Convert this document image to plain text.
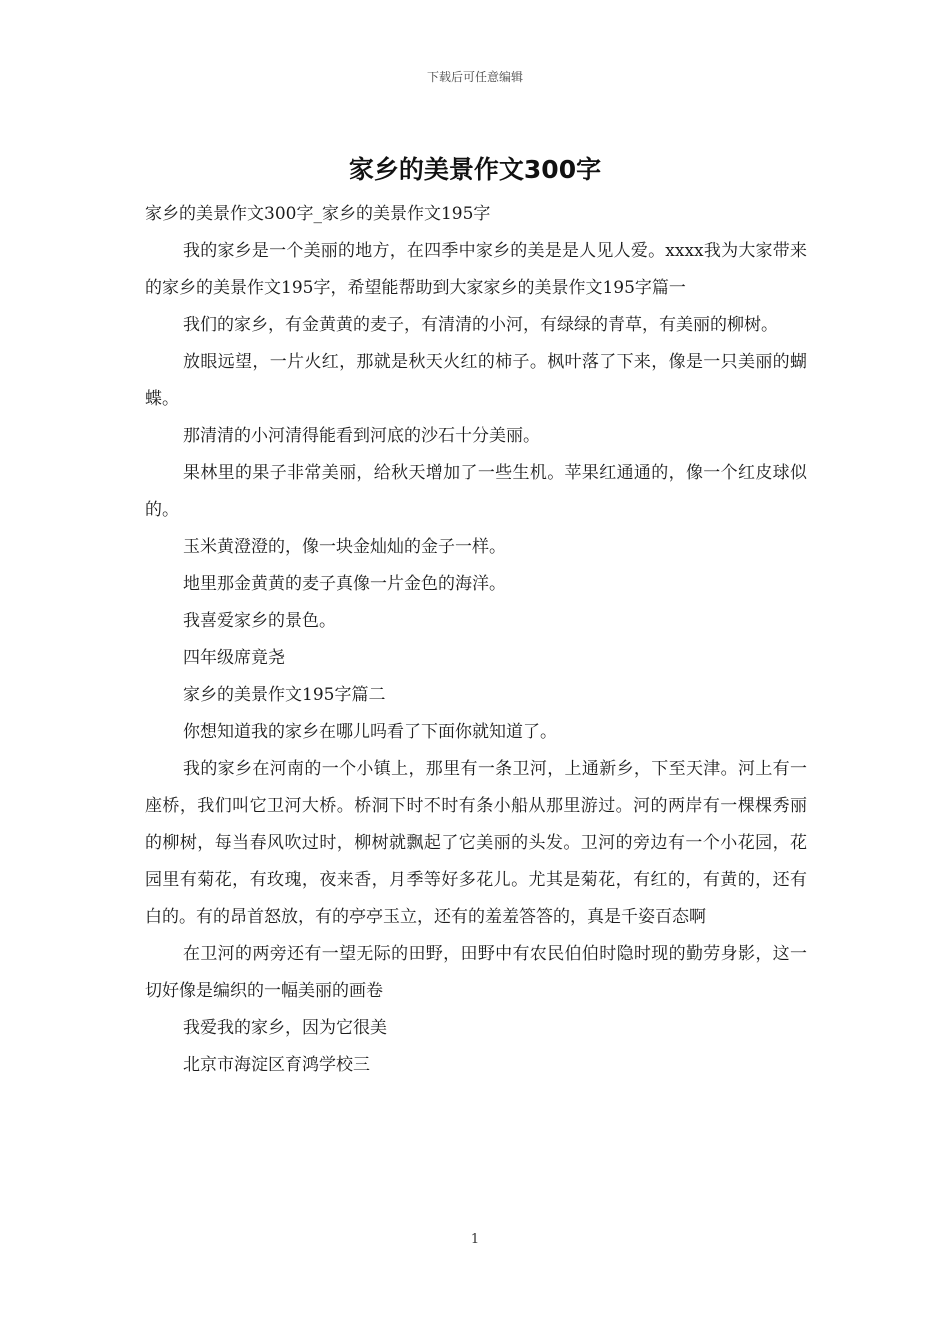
下载后可任意编辑
家乡的美景作文300字

家乡的美景作文300字_家乡的美景作文195字

我的家乡是一个美丽的地方，在四季中家乡的美是是人见人爱。xxxx我为大家带来的家乡的美景作文195字，希望能帮助到大家家乡的美景作文195字篇一

我们的家乡，有金黄黄的麦子，有清清的小河，有绿绿的青草，有美丽的柳树。

放眼远望，一片火红，那就是秋天火红的柿子。枫叶落了下来，像是一只美丽的蝴蝶。

那清清的小河清得能看到河底的沙石十分美丽。

果林里的果子非常美丽，给秋天增加了一些生机。苹果红通通的，像一个红皮球似的。

玉米黄澄澄的，像一块金灿灿的金子一样。

地里那金黄黄的麦子真像一片金色的海洋。

我喜爱家乡的景色。

四年级席竟尧

家乡的美景作文195字篇二

你想知道我的家乡在哪儿吗看了下面你就知道了。

我的家乡在河南的一个小镇上，那里有一条卫河，上通新乡，下至天津。河上有一座桥，我们叫它卫河大桥。桥洞下时不时有条小船从那里游过。河的两岸有一棵棵秀丽的柳树，每当春风吹过时，柳树就飘起了它美丽的头发。卫河的旁边有一个小花园，花园里有菊花，有玫瑰，夜来香，月季等好多花儿。尤其是菊花，有红的，有黄的，还有白的。有的昂首怒放，有的亭亭玉立，还有的羞羞答答的，真是千姿百态啊

在卫河的两旁还有一望无际的田野，田野中有农民伯伯时隐时现的勤劳身影，这一切好像是编织的一幅美丽的画卷

我爱我的家乡，因为它很美

北京市海淀区育鸿学校三

1
